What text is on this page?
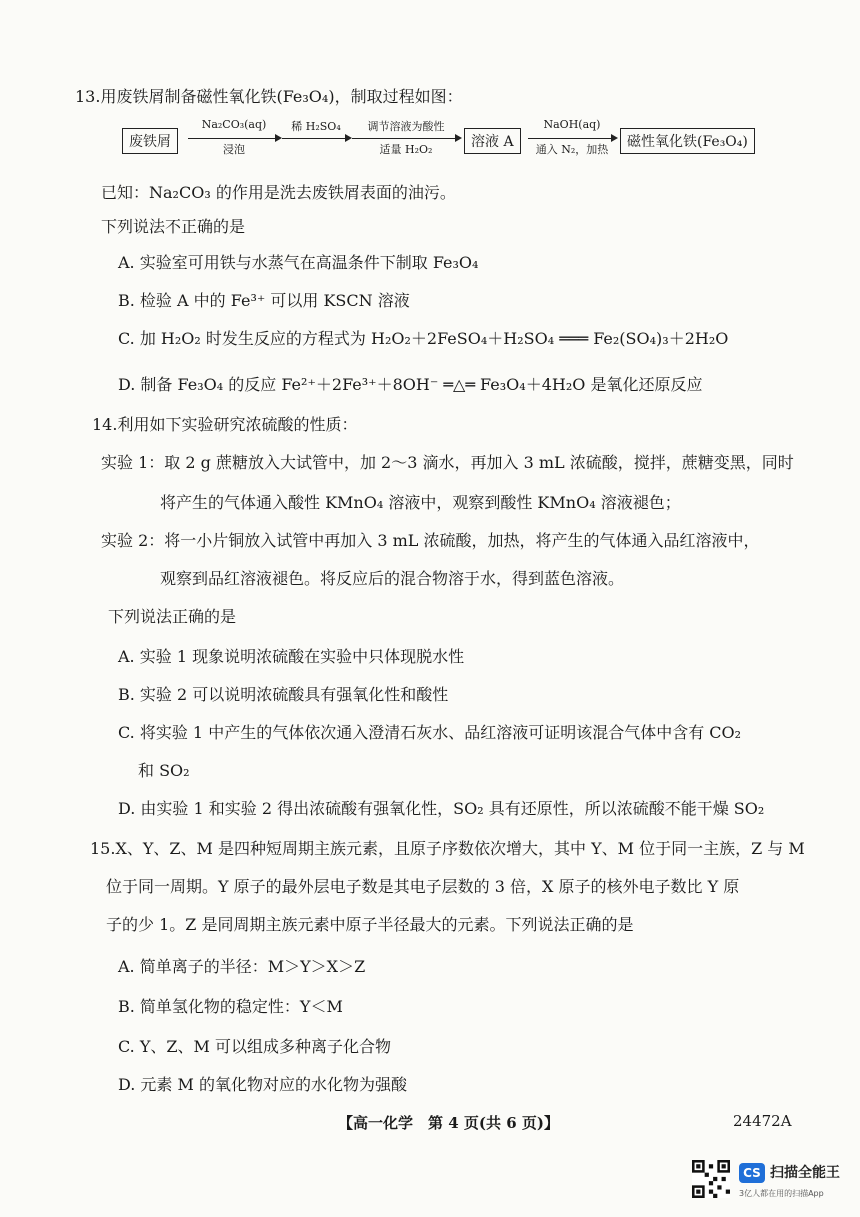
13.用废铁屑制备磁性氧化铁(Fe₃O₄)，制取过程如图：
废铁屑
Na₂CO₃(aq)
浸泡
稀 H₂SO₄	调节溶液为酸性
适量 H₂O₂	溶液 A
NaOH(aq)
通入 N₂，加热	磁性氧化铁(Fe₃O₄)
已知：Na₂CO₃ 的作用是洗去废铁屑表面的油污。
下列说法不正确的是
A. 实验室可用铁与水蒸气在高温条件下制取 Fe₃O₄
B. 检验 A 中的 Fe³⁺ 可以用 KSCN 溶液
C. 加 H₂O₂ 时发生反应的方程式为 H₂O₂＋2FeSO₄＋H₂SO₄ ═══ Fe₂(SO₄)₃＋2H₂O
D. 制备 Fe₃O₄ 的反应 Fe²⁺＋2Fe³⁺＋8OH⁻ ═△═ Fe₃O₄＋4H₂O 是氧化还原反应
14.利用如下实验研究浓硫酸的性质：
实验 1：取 2 g 蔗糖放入大试管中，加 2～3 滴水，再加入 3 mL 浓硫酸，搅拌，蔗糖变黑，同时
将产生的气体通入酸性 KMnO₄ 溶液中，观察到酸性 KMnO₄ 溶液褪色；
实验 2：将一小片铜放入试管中再加入 3 mL 浓硫酸，加热，将产生的气体通入品红溶液中，
观察到品红溶液褪色。将反应后的混合物溶于水，得到蓝色溶液。
下列说法正确的是
A. 实验 1 现象说明浓硫酸在实验中只体现脱水性
B. 实验 2 可以说明浓硫酸具有强氧化性和酸性
C. 将实验 1 中产生的气体依次通入澄清石灰水、品红溶液可证明该混合气体中含有 CO₂
和 SO₂
D. 由实验 1 和实验 2 得出浓硫酸有强氧化性，SO₂ 具有还原性，所以浓硫酸不能干燥 SO₂
15.X、Y、Z、M 是四种短周期主族元素，且原子序数依次增大，其中 Y、M 位于同一主族，Z 与 M
位于同一周期。Y 原子的最外层电子数是其电子层数的 3 倍，X 原子的核外电子数比 Y 原
子的少 1。Z 是同周期主族元素中原子半径最大的元素。下列说法正确的是
A. 简单离子的半径：M＞Y＞X＞Z
B. 简单氢化物的稳定性：Y＜M
C. Y、Z、M 可以组成多种离子化合物
D. 元素 M 的氧化物对应的水化物为强酸
【高一化学　第 4 页(共 6 页)】	24472A
CS 扫描全能王
3亿人都在用的扫描App
